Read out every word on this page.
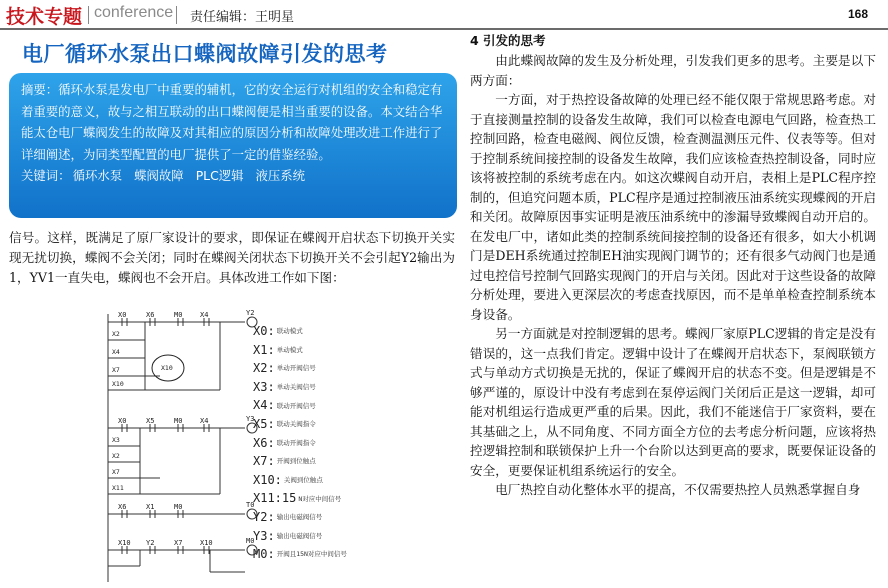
技术专题 conference 责任编辑：王明星	168
电厂循环水泵出口蝶阀故障引发的思考

摘要：循环水泵是发电厂中重要的辅机，它的安全运行对机组的安全和稳定有着重要的意义，故与之相互联动的出口蝶阀便是相当重要的设备。本文结合华能太仓电厂蝶阀发生的故障及对其相应的原因分析和故障处理改进工作进行了详细阐述，为同类型配置的电厂提供了一定的借鉴经验。

关键词： 循环水泵 蝶阀故障 PLC逻辑 液压系统

信号。这样，既满足了原厂家设计的要求，即保证在蝶阀开启状态下切换开关实现无扰切换，蝶阀不会关闭；同时在蝶阀关闭状态下切换开关不会引起Y2输出为1，YV1一直失电，蝶阀也不会开启。具体改进工作如下图：

X0	X6	M0	X4	Y2
X0	X5	M0	X4	Y3
X6	X1	M0	T0
X10 Y2	X7	X10	M0
X2
X4
X7
X10
X3
X2
X7
X11
X10
X0: 联动模式
X1: 单动模式
X2: 单动开阀信号
X3: 单动关阀信号
X4: 联动开阀信号
X5: 联动关阀指令
X6: 联动开阀指令
X7: 开阀到位触点
X10: 关阀到位触点
X11:15 N对应中间信号
Y2: 输出电磁阀信号
Y3: 输出电磁阀信号
M0: 开阀且15N对应中间信号
4 引发的思考

由此蝶阀故障的发生及分析处理，引发我们更多的思考。主要是以下两方面：

一方面，对于热控设备故障的处理已经不能仅限于常规思路考虑。对于直接测量控制的设备发生故障，我们可以检查电源电气回路，检查热工控制回路，检查电磁阀、阀位反馈，检查测温测压元件、仪表等等。但对于控制系统间接控制的设备发生故障，我们应该检查热控制设备，同时应该将被控制的系统考虑在内。如这次蝶阀自动开启，表相上是PLC程序控制的，但追究问题本质，PLC程序是通过控制液压油系统实现蝶阀的开启和关闭。故障原因事实证明是液压油系统中的渗漏导致蝶阀自动开启的。在发电厂中，诸如此类的控制系统间接控制的设备还有很多，如大小机调门是DEH系统通过控制EH油实现阀门调节的；还有很多气动阀门也是通过电控信号控制气回路实现阀门的开启与关闭。因此对于这些设备的故障分析处理，要进入更深层次的考虑查找原因，而不是单单检查控制系统本身设备。

另一方面就是对控制逻辑的思考。蝶阀厂家原PLC逻辑的肯定是没有错误的，这一点我们肯定。逻辑中设计了在蝶阀开启状态下，泵阀联锁方式与单动方式切换是无扰的，保证了蝶阀开启的状态不变。但是逻辑是不够严谨的，原设计中没有考虑到在泵停运阀门关闭后正是这一逻辑，却可能对机组运行造成更严重的后果。因此，我们不能迷信于厂家资料，要在其基础之上，从不同角度、不同方面全方位的去考虑分析问题，应该将热控逻辑控制和联锁保护上升一个台阶以达到更高的要求，既要保证设备的安全，更要保证机组系统运行的安全。

电厂热控自动化整体水平的提高，不仅需要热控人员熟悉掌握自身
